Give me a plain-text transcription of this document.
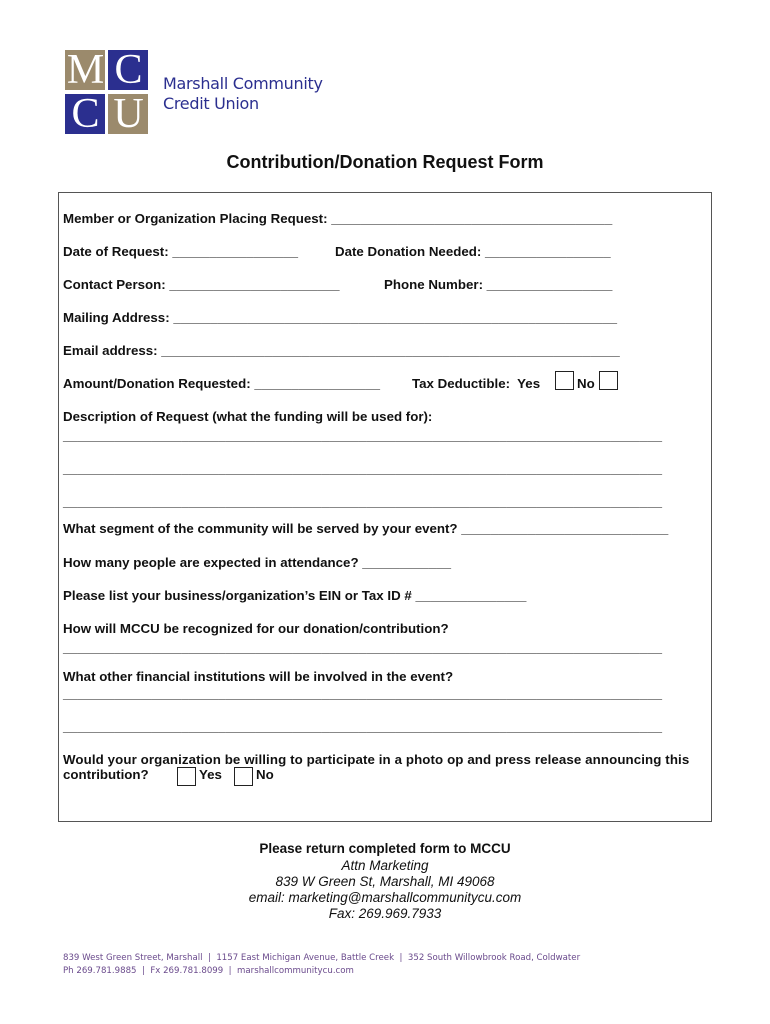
M C
C U
Marshall Community
Credit Union
Contribution/Donation Request Form
Member or Organization Placing Request: ______________________________________
Date of Request: _________________	Date Donation Needed: _________________
Contact Person: _______________________	Phone Number: _________________
Mailing Address: ____________________________________________________________
Email address: ______________________________________________________________
Amount/Donation Requested: _________________ Tax Deductible:  Yes	No
Description of Request (what the funding will be used for):
_________________________________________________________________________________
_________________________________________________________________________________
_________________________________________________________________________________
What segment of the community will be served by your event? ____________________________
How many people are expected in attendance? ____________
Please list your business/organization’s EIN or Tax ID # _______________
How will MCCU be recognized for our donation/contribution?
_________________________________________________________________________________
What other financial institutions will be involved in the event?
_________________________________________________________________________________
_________________________________________________________________________________
Would your organization be willing to participate in a photo op and press release announcing this
contribution?	Yes	No
Please return completed form to MCCU
Attn Marketing
839 W Green St, Marshall, MI 49068
email: marketing@marshallcommunitycu.com
Fax: 269.969.7933
839 West Green Street, Marshall  |  1157 East Michigan Avenue, Battle Creek  |  352 South Willowbrook Road, Coldwater
Ph 269.781.9885  |  Fx 269.781.8099  |  marshallcommunitycu.com
